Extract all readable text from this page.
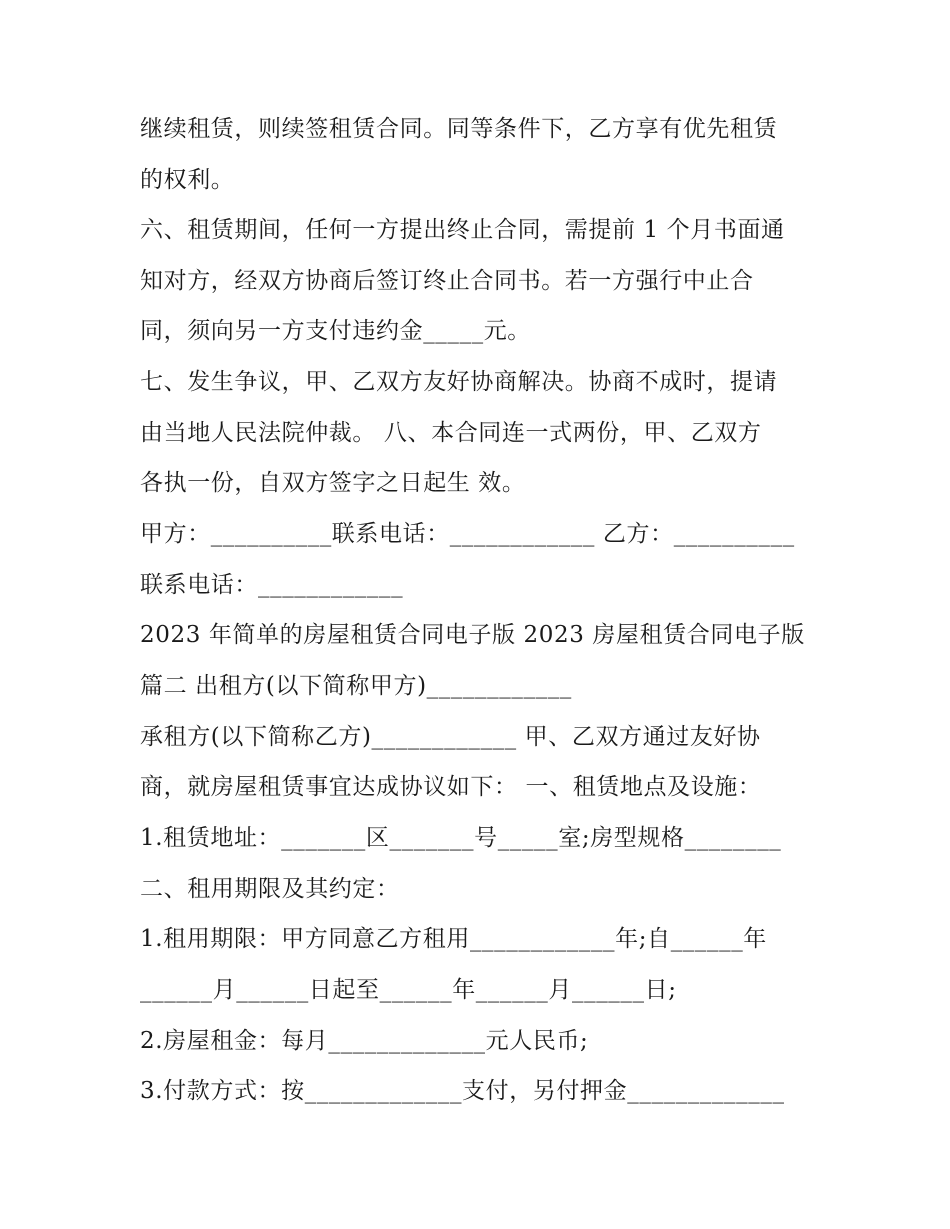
继续租赁，则续签租赁合同。同等条件下，乙方享有优先租赁
的权利。
六、租赁期间，任何一方提出终止合同，需提前 1 个月书面通
知对方，经双方协商后签订终止合同书。若一方强行中止合
同，须向另一方支付违约金_____元。
七、发生争议，甲、乙双方友好协商解决。协商不成时，提请
由当地人民法院仲裁。 八、本合同连一式两份，甲、乙双方
各执一份，自双方签字之日起生 效。
甲方：__________联系电话：____________ 乙方：__________
联系电话：____________
2023 年简单的房屋租赁合同电子版 2023 房屋租赁合同电子版
篇二 出租方(以下简称甲方)____________
承租方(以下简称乙方)____________ 甲、乙双方通过友好协
商，就房屋租赁事宜达成协议如下： 一、租赁地点及设施：
1.租赁地址：_______区_______号_____室;房型规格________
二、租用期限及其约定：
1.租用期限：甲方同意乙方租用____________年;自______年
______月______日起至______年______月______日;
2.房屋租金：每月_____________元人民币;
3.付款方式：按_____________支付，另付押金_____________
